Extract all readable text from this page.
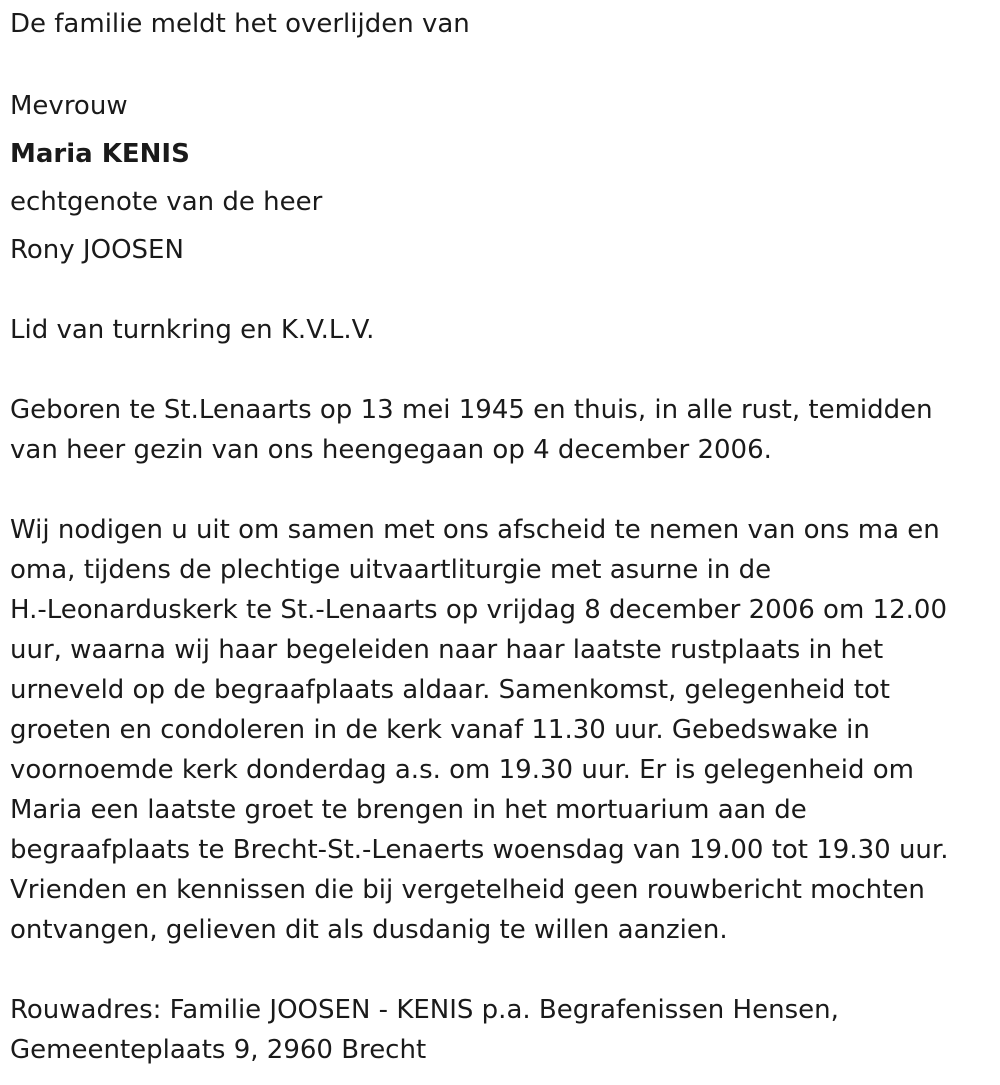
De familie meldt het overlijden van
Mevrouw
Maria KENIS
echtgenote van de heer
Rony JOOSEN
Lid van turnkring en K.V.L.V.
Geboren te St.Lenaarts op 13 mei 1945 en thuis, in alle rust, temidden
van heer gezin van ons heengegaan op 4 december 2006.
Wij nodigen u uit om samen met ons afscheid te nemen van ons ma en
oma, tijdens de plechtige uitvaartliturgie met asurne in de
H.-Leonarduskerk te St.-Lenaarts op vrijdag 8 december 2006 om 12.00
uur, waarna wij haar begeleiden naar haar laatste rustplaats in het
urneveld op de begraafplaats aldaar. Samenkomst, gelegenheid tot
groeten en condoleren in de kerk vanaf 11.30 uur. Gebedswake in
voornoemde kerk donderdag a.s. om 19.30 uur. Er is gelegenheid om
Maria een laatste groet te brengen in het mortuarium aan de
begraafplaats te Brecht-St.-Lenaerts woensdag van 19.00 tot 19.30 uur.
Vrienden en kennissen die bij vergetelheid geen rouwbericht mochten
ontvangen, gelieven dit als dusdanig te willen aanzien.
Rouwadres: Familie JOOSEN - KENIS p.a. Begrafenissen Hensen,
Gemeenteplaats 9, 2960 Brecht
